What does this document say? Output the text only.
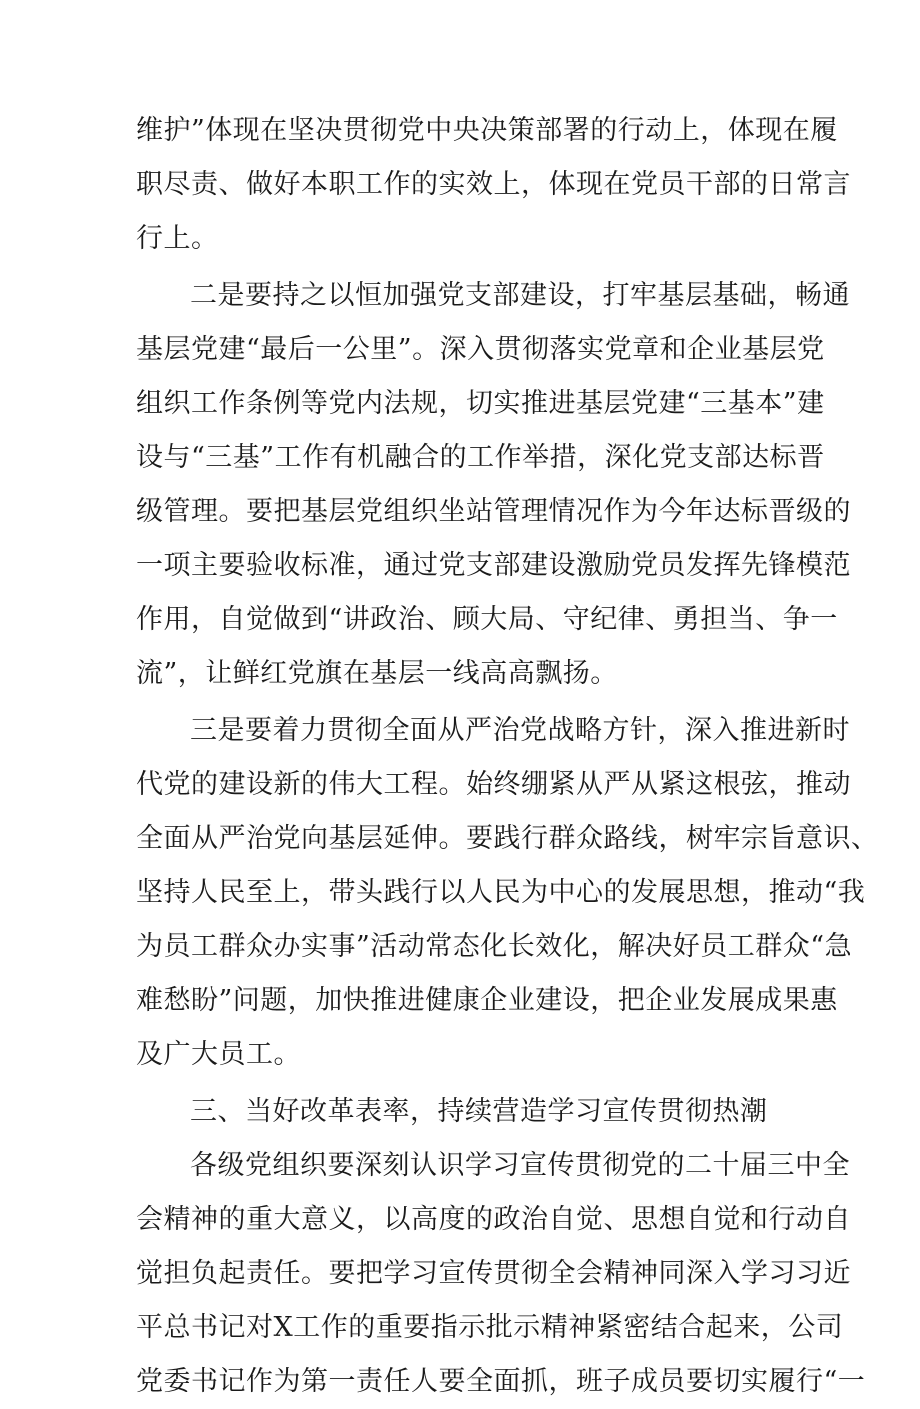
维护”体现在坚决贯彻党中央决策部署的行动上，体现在履
职尽责、做好本职工作的实效上，体现在党员干部的日常言
行上。
二是要持之以恒加强党支部建设，打牢基层基础，畅通
基层党建“最后一公里”。深入贯彻落实党章和企业基层党
组织工作条例等党内法规，切实推进基层党建“三基本”建
设与“三基”工作有机融合的工作举措，深化党支部达标晋
级管理。要把基层党组织坐站管理情况作为今年达标晋级的
一项主要验收标准，通过党支部建设激励党员发挥先锋模范
作用，自觉做到“讲政治、顾大局、守纪律、勇担当、争一
流”，让鲜红党旗在基层一线高高飘扬。
三是要着力贯彻全面从严治党战略方针，深入推进新时
代党的建设新的伟大工程。始终绷紧从严从紧这根弦，推动
全面从严治党向基层延伸。要践行群众路线，树牢宗旨意识、
坚持人民至上，带头践行以人民为中心的发展思想，推动“我
为员工群众办实事”活动常态化长效化，解决好员工群众“急
难愁盼”问题，加快推进健康企业建设，把企业发展成果惠
及广大员工。
三、当好改革表率，持续营造学习宣传贯彻热潮
各级党组织要深刻认识学习宣传贯彻党的二十届三中全
会精神的重大意义，以高度的政治自觉、思想自觉和行动自
觉担负起责任。要把学习宣传贯彻全会精神同深入学习习近
平总书记对X工作的重要指示批示精神紧密结合起来，公司
党委书记作为第一责任人要全面抓，班子成员要切实履行“一
